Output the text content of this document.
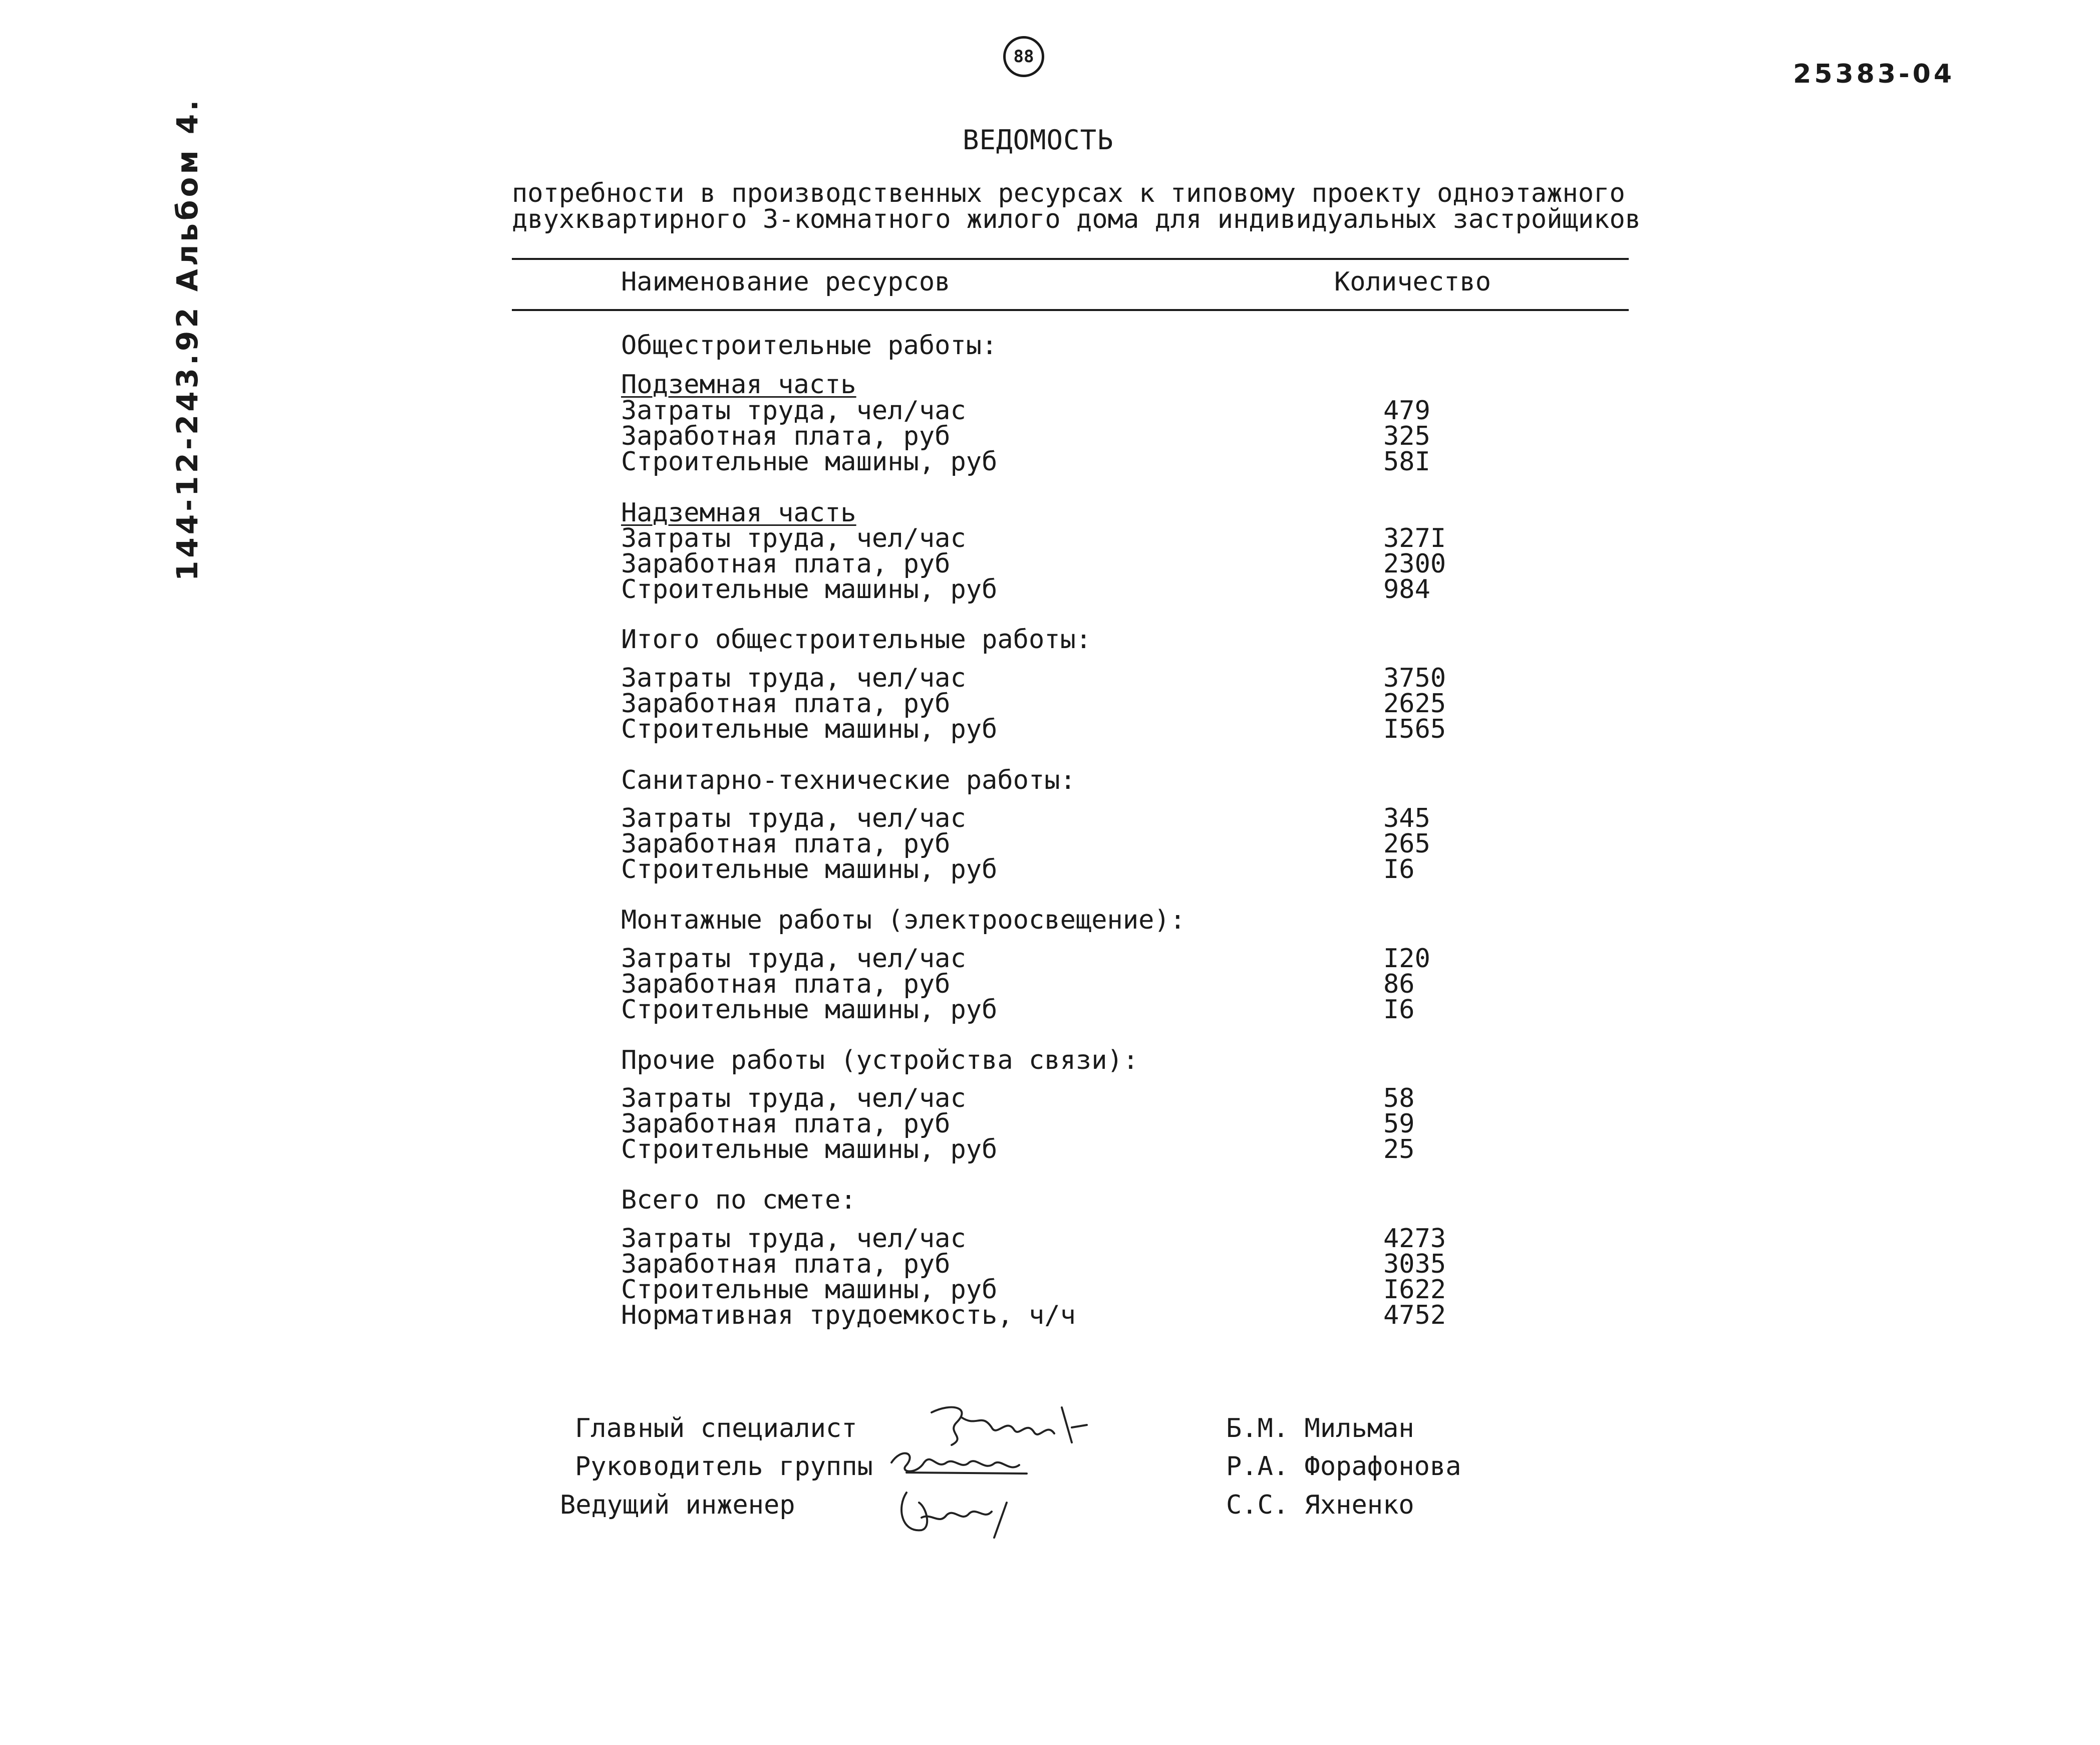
88
25383-04
144-12-243.92 Альбом 4.	ВЕДОМОСТЬ
потребности в производственных ресурсах к типовому проекту одноэтажного
двухквартирного 3-комнатного жилого дома для индивидуальных застройщиков
Наименование ресурсов	Количество
Общестроительные работы:
Подземная часть
Затраты труда, чел/час	479
Заработная плата, руб	325
Строительные машины, руб	58I
Надземная часть
Затраты труда, чел/час	327I
Заработная плата, руб	2300
Строительные машины, руб	984
Итого общестроительные работы:
Затраты труда, чел/час	3750
Заработная плата, руб	2625
Строительные машины, руб	I565
Санитарно-технические работы:
Затраты труда, чел/час	345
Заработная плата, руб	265
Строительные машины, руб	I6
Монтажные работы (электроосвещение):
Затраты труда, чел/час	I20
Заработная плата, руб	86
Строительные машины, руб	I6
Прочие работы (устройства связи):
Затраты труда, чел/час	58
Заработная плата, руб	59
Строительные машины, руб	25
Всего по смете:
Затраты труда, чел/час	4273
Заработная плата, руб	3035
Строительные машины, руб	I622
Нормативная трудоемкость, ч/ч	4752
Главный специалист
Руководитель группы
Ведущий инженер
Б.М. Мильман
Р.А. Форафонова
С.С. Яхненко
